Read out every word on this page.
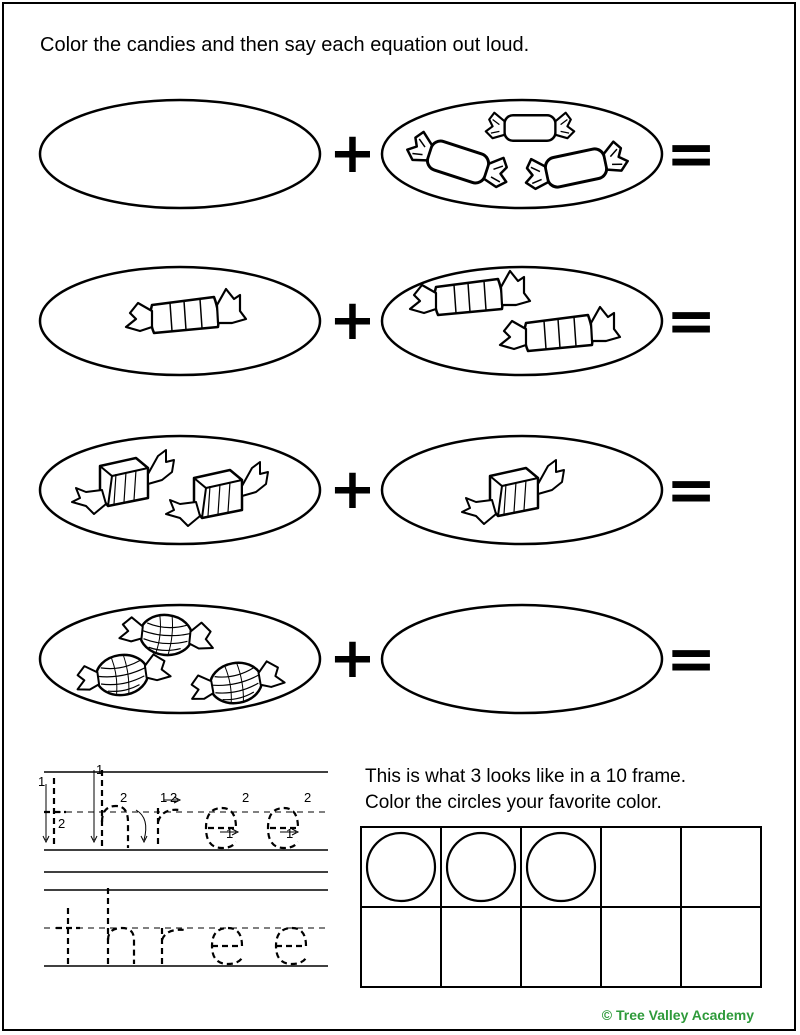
Color the candies and then say each equation out loud.
+	=
+	=
+	=
+	=
1
2
1
2	1 2	2
1
2
1
This is what 3 looks like in a 10 frame.
Color the circles your favorite color.
© Tree Valley Academy
